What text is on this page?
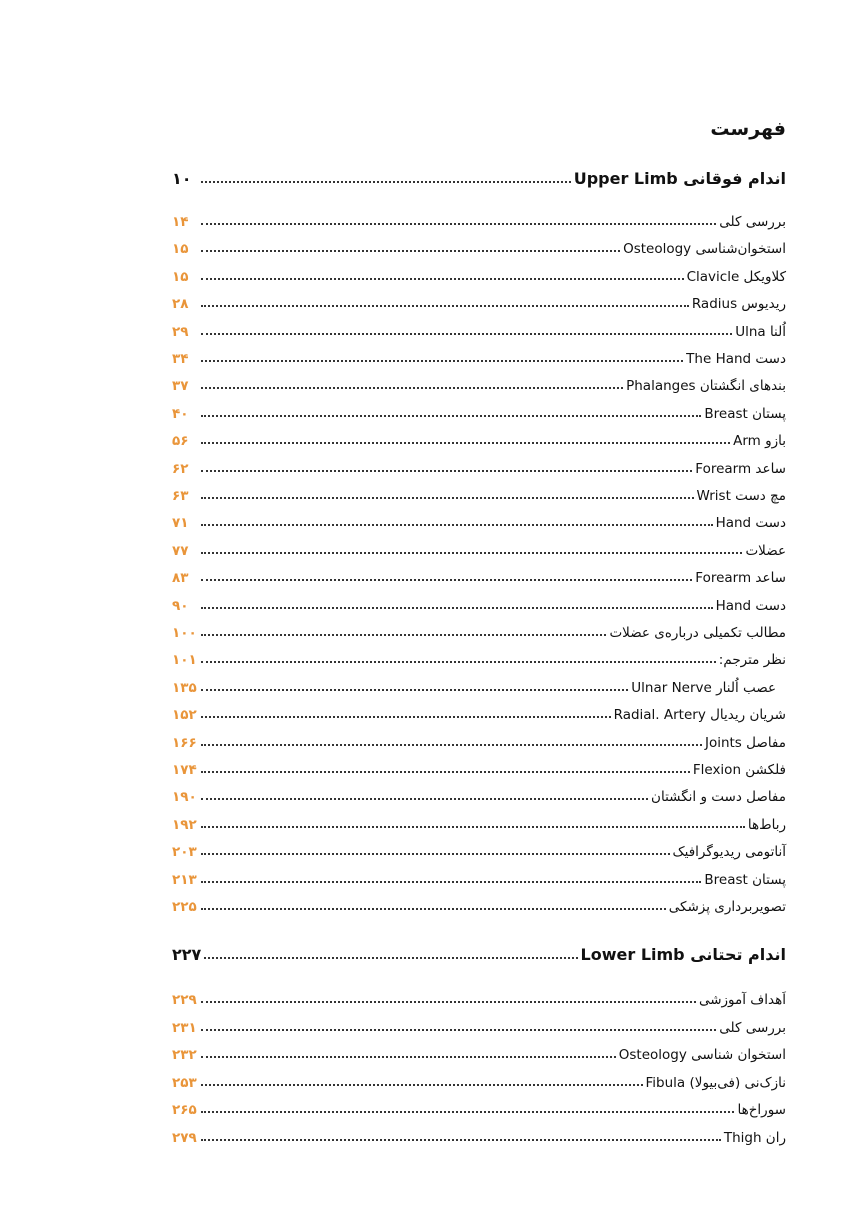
فهرست
اندام فوقانی Upper Limb
۱۰
بررسی کلی
۱۴
استخوان‌شناسی Osteology
۱۵
کلاویکل Clavicle
۱۵
ریدیوس Radius
۲۸
اُلنا Ulna
۲۹
دست The Hand
۳۴
بندهای انگشتان Phalanges
۳۷
پستان Breast
۴۰
بازو Arm
۵۶
ساعد Forearm
۶۲
مچ دست Wrist
۶۳
دست Hand
۷۱
عضلات
۷۷
ساعد Forearm
۸۳
دست Hand
۹۰
مطالب تکمیلی درباره‌ی عضلات
۱۰۰
نظر مترجم:
۱۰۱
عصب اُلنار Ulnar Nerve
۱۳۵
شریان ریدیال Radial. Artery
۱۵۲
مفاصل Joints
۱۶۶
فلکشن Flexion
۱۷۴
مفاصل دست و انگشتان
۱۹۰
رباط‌ها
۱۹۲
آناتومی ریدیوگرافیک
۲۰۳
پستان Breast
۲۱۳
تصویربرداری پزشکی
۲۲۵
اندام تحتانی Lower Limb
۲۲۷
اَهداف آموزشی
۲۲۹
بررسی کلی
۲۳۱
استخوان شناسی Osteology
۲۳۲
نازک‌نی (فی‌بیولا) Fibula
۲۵۳
سوراخ‌ها
۲۶۵
ران Thigh
۲۷۹
